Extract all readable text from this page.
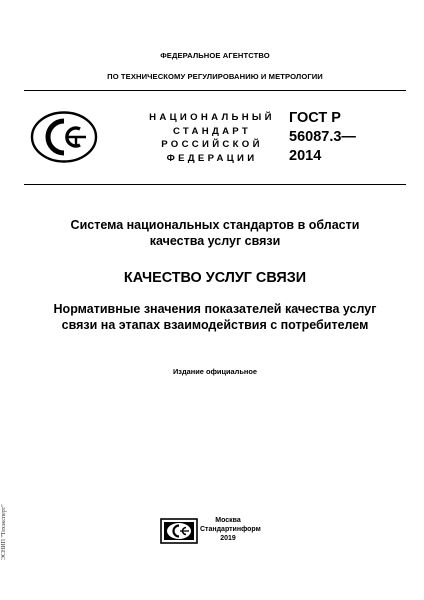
ФЕДЕРАЛЬНОЕ АГЕНТСТВО
ПО ТЕХНИЧЕСКОМУ РЕГУЛИРОВАНИЮ И МЕТРОЛОГИИ
НАЦИОНАЛЬНЫЙ
СТАНДАРТ
РОССИЙСКОЙ
ФЕДЕРАЦИИ
ГОСТ Р
56087.3—
2014
Система национальных стандартов в области
качества услуг связи
КАЧЕСТВО УСЛУГ СВЯЗИ
Нормативные значения показателей качества услуг
связи на этапах взаимодействия с потребителем
Издание официальное
Москва
Стандартинформ
2019
ЭСНИП "Техэксперт"
